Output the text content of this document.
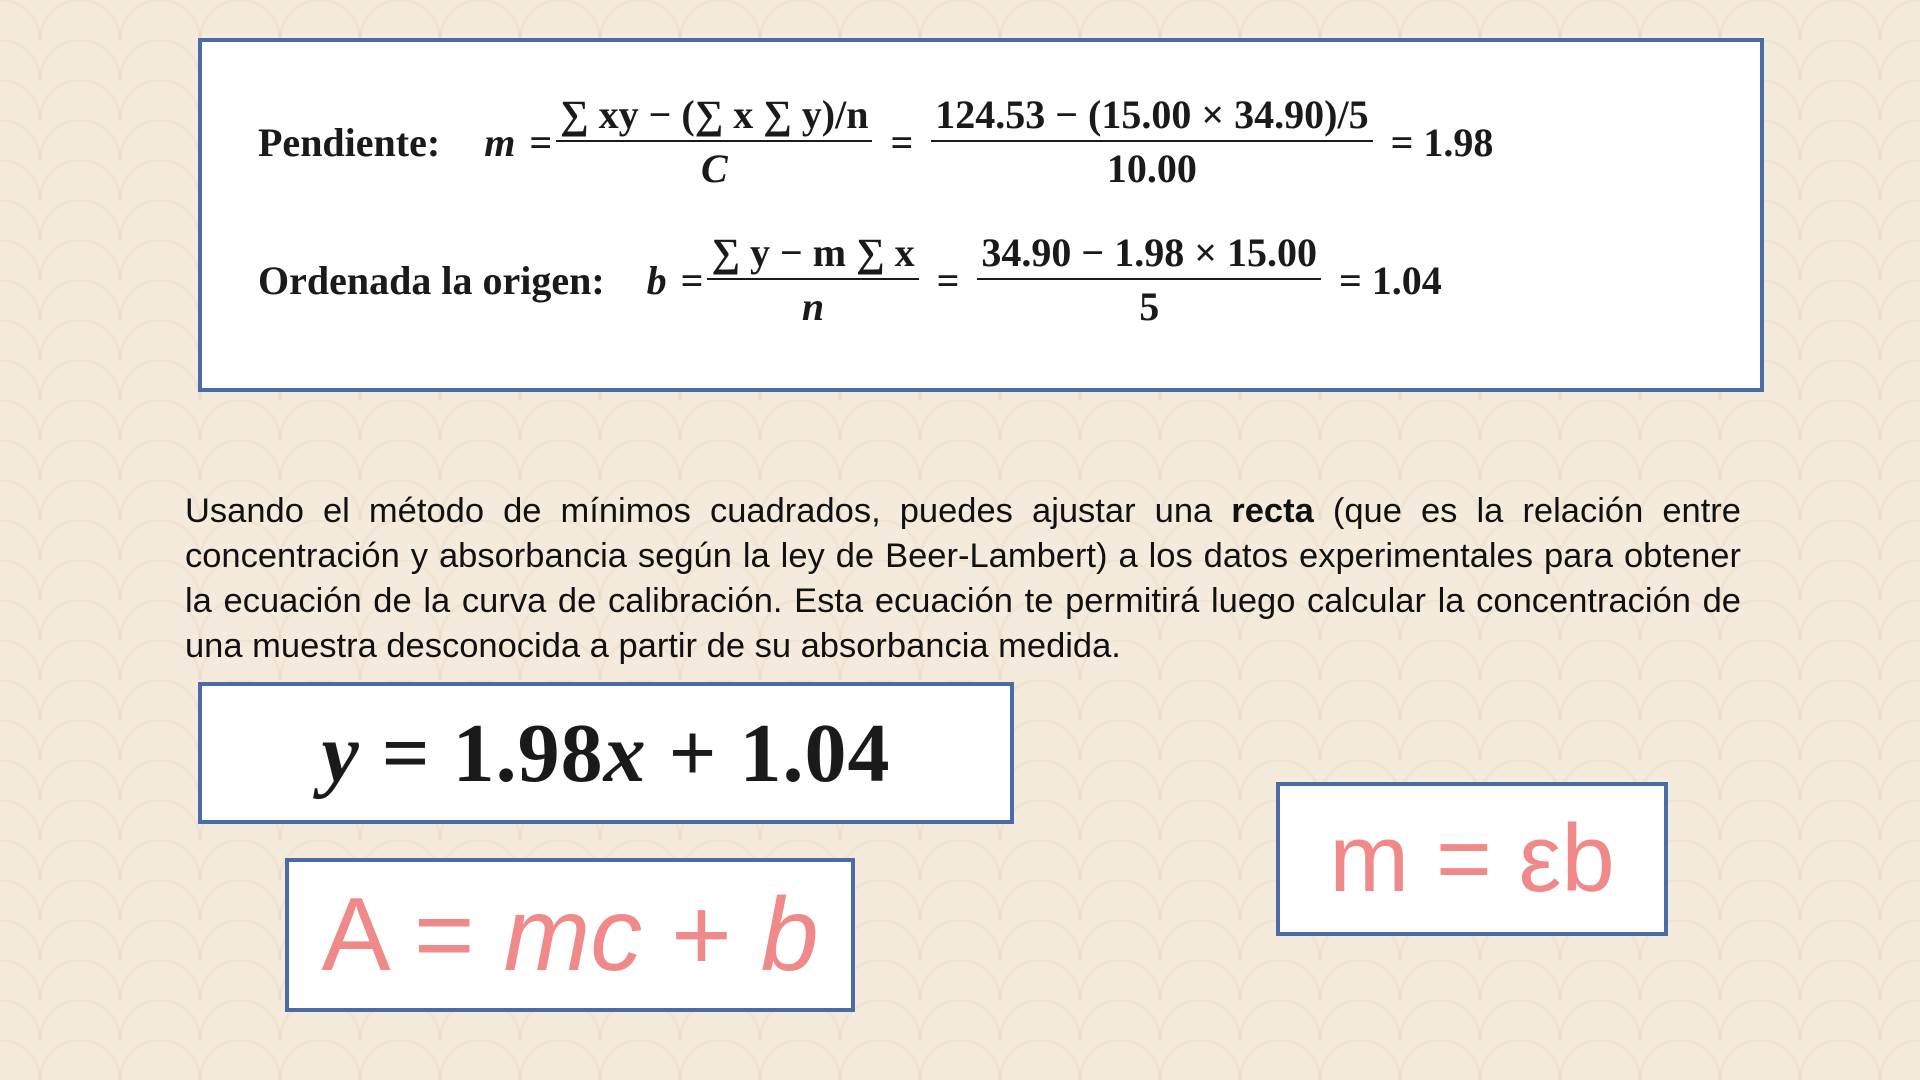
Pendiente: $m = \frac{\sum xy - (\sum x \sum y)/n}{C} = \frac{124.53 - (15.00 \times 34.90)/5}{10.00} = 1.98$
Ordenada la origen: $b = \frac{\sum y - m \sum x}{n} = \frac{34.90 - 1.98 \times 15.00}{5} = 1.04$

Usando el método de mínimos cuadrados, puedes ajustar una recta (que es la relación entre concentración y absorbancia según la ley de Beer-Lambert) a los datos experimentales para obtener la ecuación de la curva de calibración. Esta ecuación te permitirá luego calcular la concentración de una muestra desconocida a partir de su absorbancia medida.

y = 1.98x + 1.04
A = mc + b
m = εb
